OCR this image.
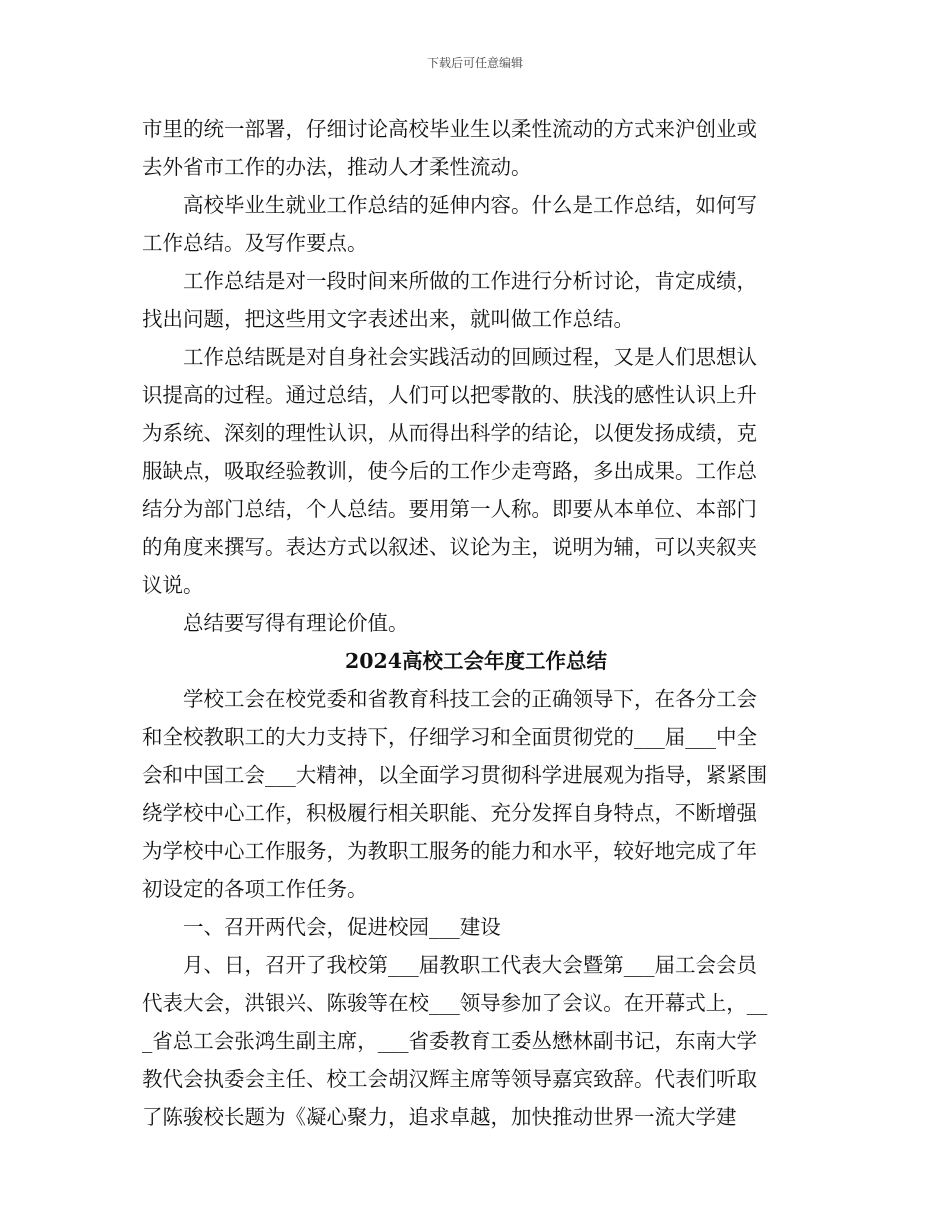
下载后可任意编辑
市里的统一部署，仔细讨论高校毕业生以柔性流动的方式来沪创业或
去外省市工作的办法，推动人才柔性流动。
　　高校毕业生就业工作总结的延伸内容。什么是工作总结，如何写
工作总结。及写作要点。
　　工作总结是对一段时间来所做的工作进行分析讨论，肯定成绩，
找出问题，把这些用文字表述出来，就叫做工作总结。
　　工作总结既是对自身社会实践活动的回顾过程，又是人们思想认
识提高的过程。通过总结，人们可以把零散的、肤浅的感性认识上升
为系统、深刻的理性认识，从而得出科学的结论，以便发扬成绩，克
服缺点，吸取经验教训，使今后的工作少走弯路，多出成果。工作总
结分为部门总结，个人总结。要用第一人称。即要从本单位、本部门
的角度来撰写。表达方式以叙述、议论为主，说明为辅，可以夹叙夹
议说。
　　总结要写得有理论价值。
2024高校工会年度工作总结
　　学校工会在校党委和省教育科技工会的正确领导下，在各分工会
和全校教职工的大力支持下，仔细学习和全面贯彻党的___届___中全
会和中国工会___大精神，以全面学习贯彻科学进展观为指导，紧紧围
绕学校中心工作，积极履行相关职能、充分发挥自身特点，不断增强
为学校中心工作服务，为教职工服务的能力和水平，较好地完成了年
初设定的各项工作任务。
　　一、召开两代会，促进校园___建设
　　月、日，召开了我校第___届教职工代表大会暨第___届工会会员
代表大会，洪银兴、陈骏等在校___领导参加了会议。在开幕式上，__
_省总工会张鸿生副主席，___省委教育工委丛懋林副书记，东南大学
教代会执委会主任、校工会胡汉辉主席等领导嘉宾致辞。代表们听取
了陈骏校长题为《凝心聚力，追求卓越，加快推动世界一流大学建
